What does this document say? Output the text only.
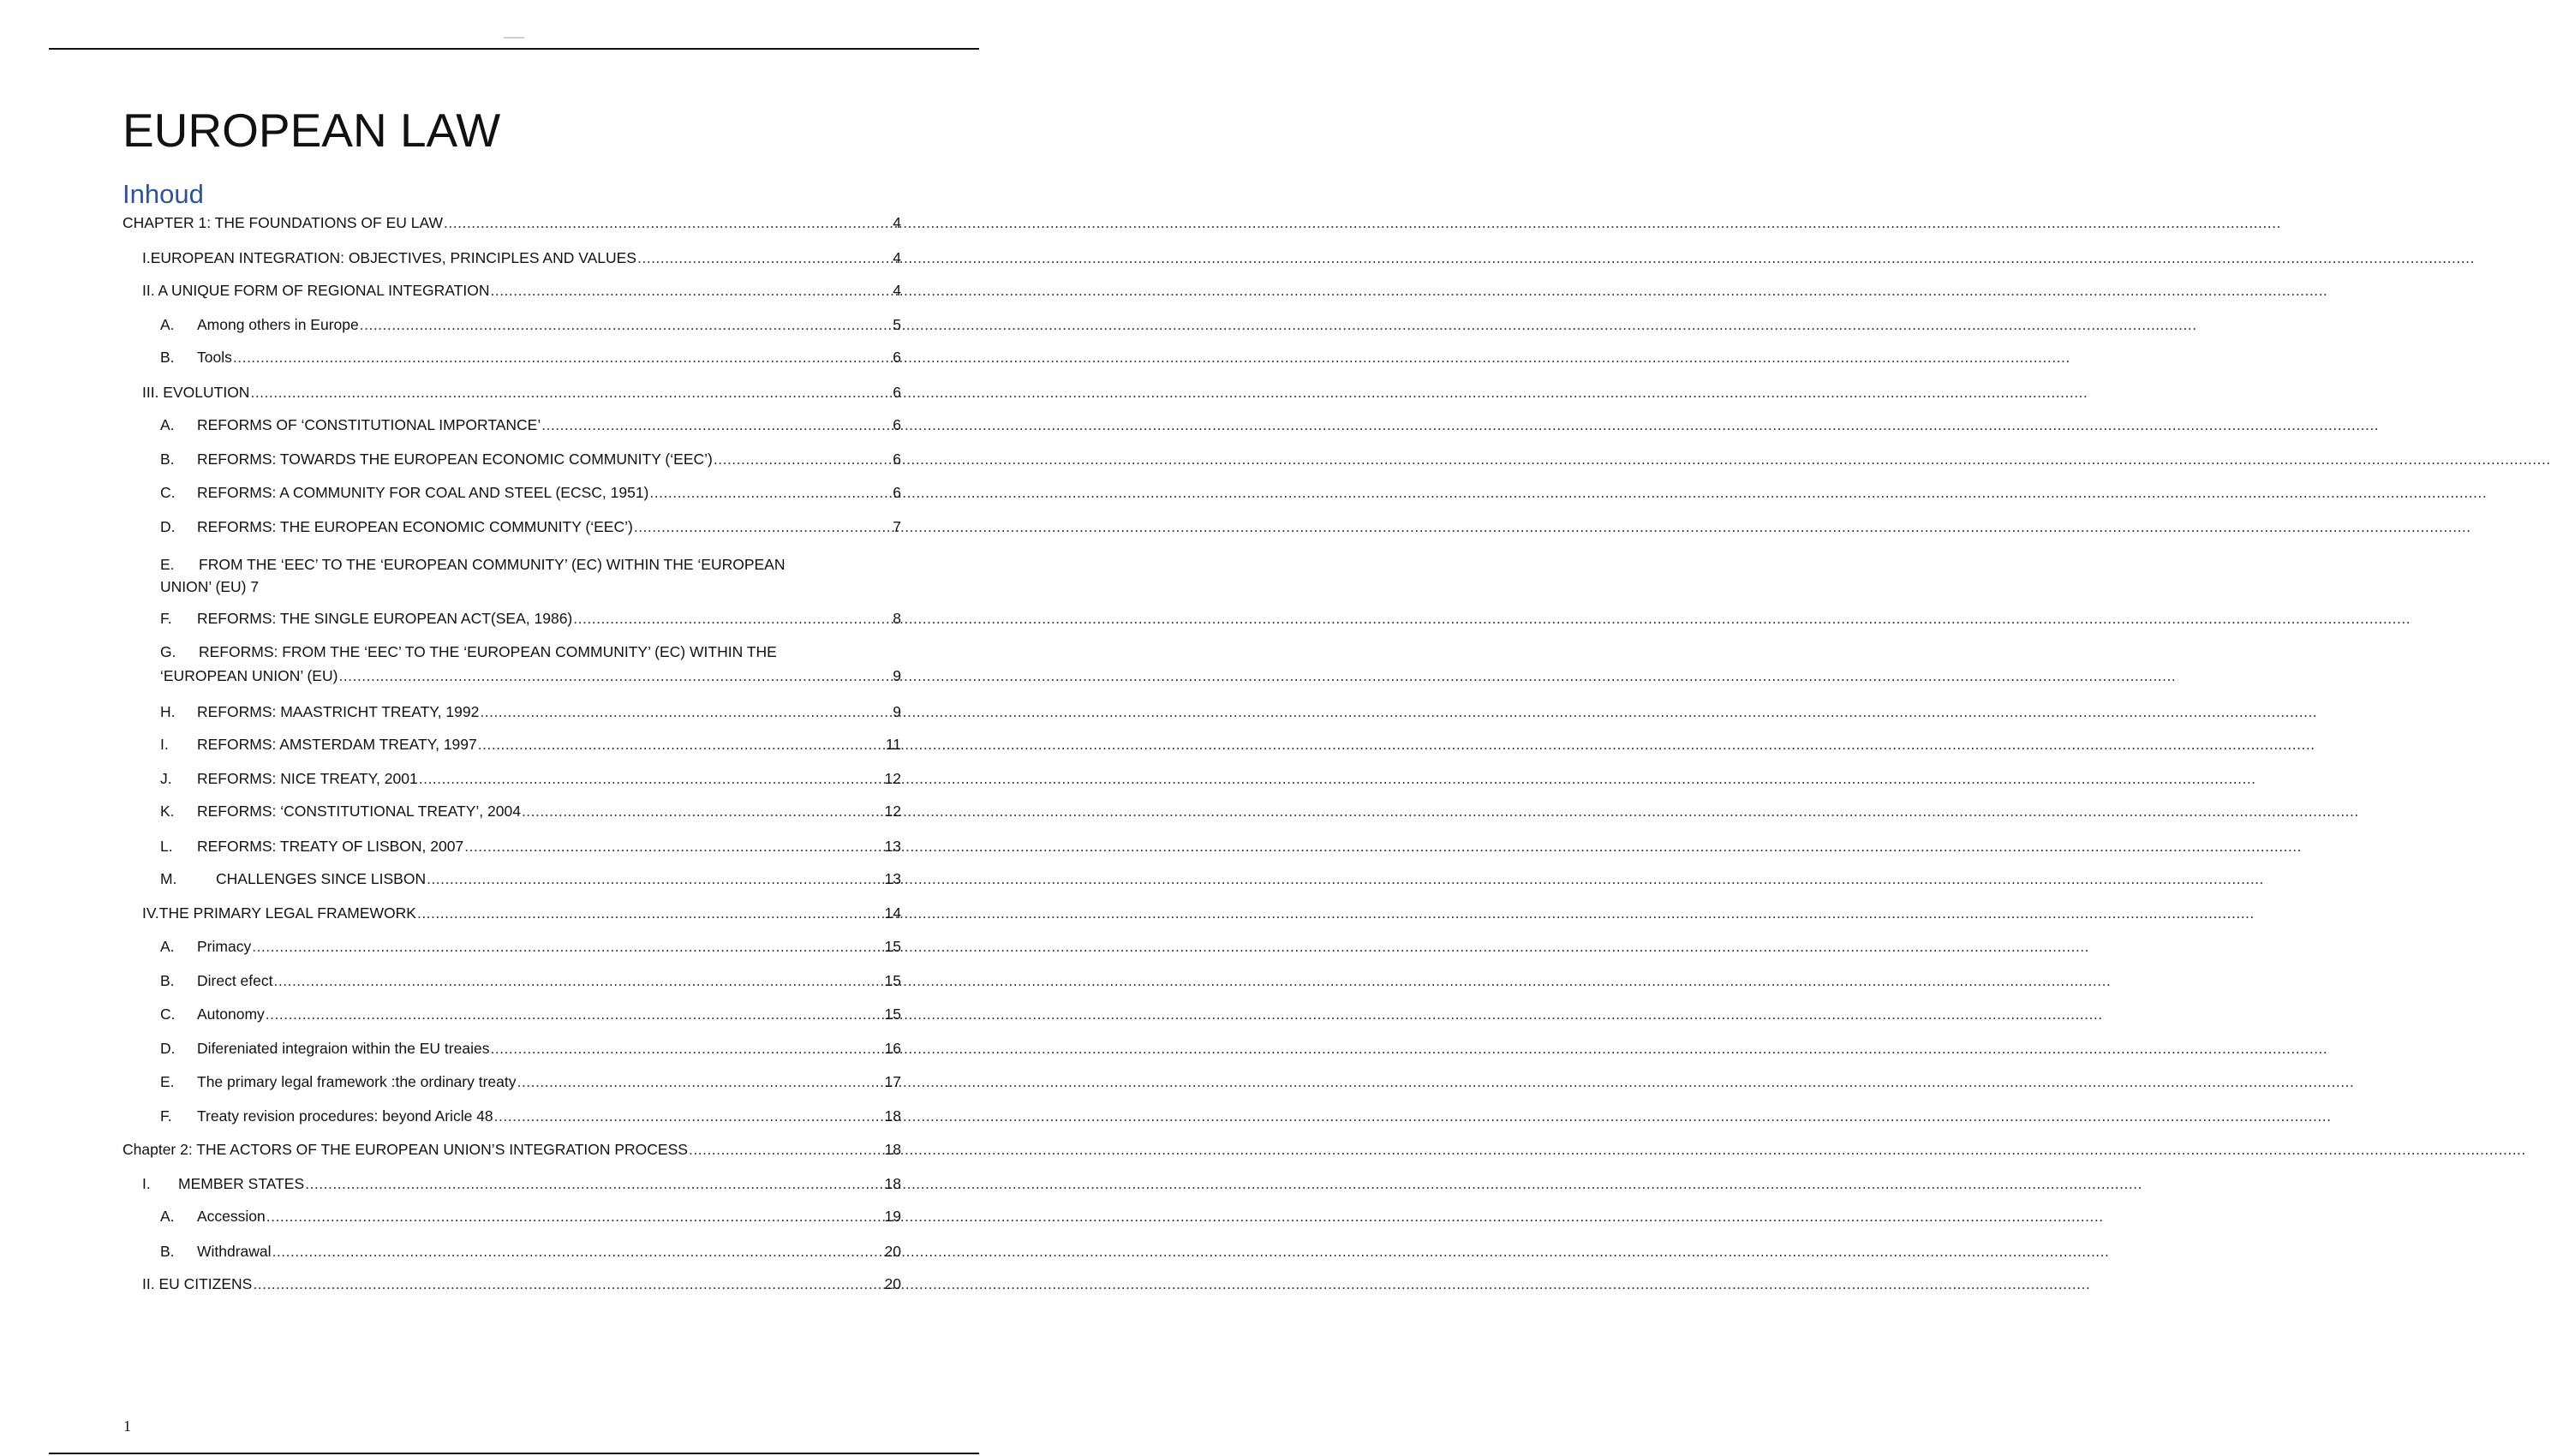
EUROPEAN LAW
Inhoud
CHAPTER 1: THE FOUNDATIONS OF EU LAW .....	4
I.EUROPEAN INTEGRATION: OBJECTIVES, PRINCIPLES AND VALUES .....	4
II. A UNIQUE FORM OF REGIONAL INTEGRATION .....	4
A.	Among others in Europe .....	5
B.	Tools .....	6
III. EVOLUTION .....	6
A.	REFORMS OF ‘CONSTITUTIONAL IMPORTANCE’ .....	6
B.	REFORMS: TOWARDS THE EUROPEAN ECONOMIC COMMUNITY (‘EEC’) .....	6
C.	REFORMS: A COMMUNITY FOR COAL AND STEEL (ECSC, 1951) .....	6
D.	REFORMS: THE EUROPEAN ECONOMIC COMMUNITY (‘EEC’) .....	7
E. FROM THE ‘EEC’ TO THE ‘EUROPEAN COMMUNITY’ (EC) WITHIN THE ‘EUROPEAN
UNION’ (EU) 7
F.	REFORMS: THE SINGLE EUROPEAN ACT(SEA, 1986) .....	8
G. REFORMS: FROM THE ‘EEC’ TO THE ‘EUROPEAN COMMUNITY’ (EC) WITHIN THE
‘EUROPEAN UNION’ (EU) .....	9
H.	REFORMS: MAASTRICHT TREATY, 1992 .....	9
I.	REFORMS: AMSTERDAM TREATY, 1997 .....	11
J.	REFORMS: NICE TREATY, 2001 .....	12
K.	REFORMS: ‘CONSTITUTIONAL TREATY’, 2004 .....	12
L.	REFORMS: TREATY OF LISBON, 2007 .....	13
M.	CHALLENGES SINCE LISBON .....	13
IV.THE PRIMARY LEGAL FRAMEWORK .....	14
A.	Primacy .....	15
B.	Direct efect .....	15
C.	Autonomy .....	15
D.	Difereniated integraion within the EU treaies .....	16
E.	The primary legal framework :the ordinary treaty .....	17
F.	Treaty revision procedures: beyond Aricle 48 .....	18
Chapter 2: THE ACTORS OF THE EUROPEAN UNION’S INTEGRATION PROCESS .....	18
I.	MEMBER STATES .....	18
A.	Accession .....	19
B.	Withdrawal .....	20
II. EU CITIZENS .....	20
1
